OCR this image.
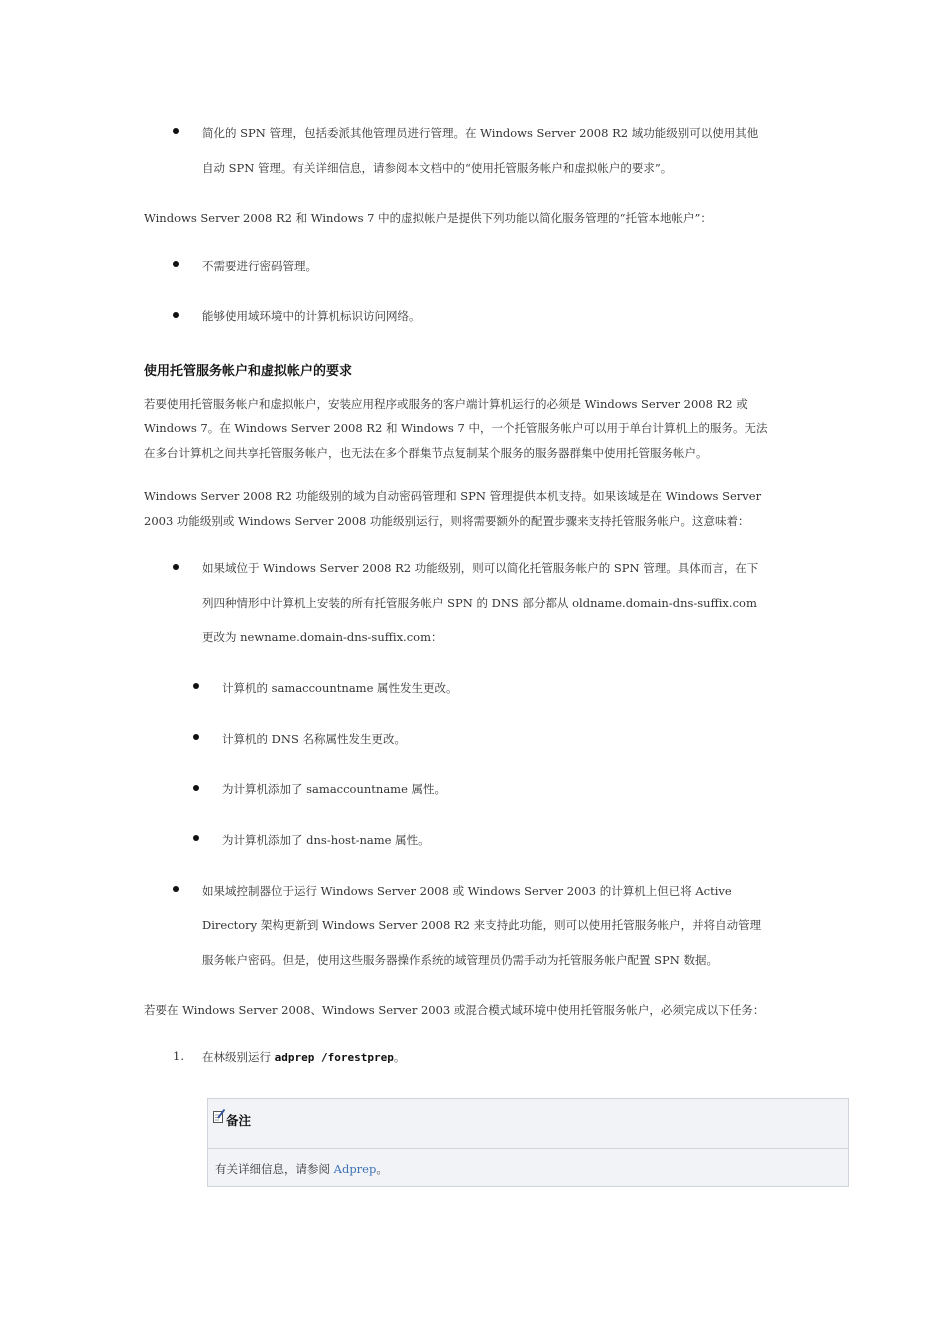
简化的 SPN 管理，包括委派其他管理员进行管理。在 Windows Server 2008 R2 域功能级别可以使用其他
自动 SPN 管理。有关详细信息，请参阅本文档中的“使用托管服务帐户和虚拟帐户的要求”。
Windows Server 2008 R2 和 Windows 7 中的虚拟帐户是提供下列功能以简化服务管理的“托管本地帐户”：
不需要进行密码管理。
能够使用域环境中的计算机标识访问网络。
使用托管服务帐户和虚拟帐户的要求
若要使用托管服务帐户和虚拟帐户，安装应用程序或服务的客户端计算机运行的必须是 Windows Server 2008 R2 或
Windows 7。在 Windows Server 2008 R2 和 Windows 7 中，一个托管服务帐户可以用于单台计算机上的服务。无法
在多台计算机之间共享托管服务帐户，也无法在多个群集节点复制某个服务的服务器群集中使用托管服务帐户。
Windows Server 2008 R2 功能级别的域为自动密码管理和 SPN 管理提供本机支持。如果该域是在 Windows Server
2003 功能级别或 Windows Server 2008 功能级别运行，则将需要额外的配置步骤来支持托管服务帐户。这意味着：
如果域位于 Windows Server 2008 R2 功能级别，则可以简化托管服务帐户的 SPN 管理。具体而言，在下
列四种情形中计算机上安装的所有托管服务帐户 SPN 的 DNS 部分都从 oldname.domain-dns-suffix.com
更改为 newname.domain-dns-suffix.com：
计算机的 samaccountname 属性发生更改。
计算机的 DNS 名称属性发生更改。
为计算机添加了 samaccountname 属性。
为计算机添加了 dns-host-name 属性。
如果域控制器位于运行 Windows Server 2008 或 Windows Server 2003 的计算机上但已将 Active
Directory 架构更新到 Windows Server 2008 R2 来支持此功能，则可以使用托管服务帐户，并将自动管理
服务帐户密码。但是，使用这些服务器操作系统的域管理员仍需手动为托管服务帐户配置 SPN 数据。
若要在 Windows Server 2008、Windows Server 2003 或混合模式域环境中使用托管服务帐户，必须完成以下任务：
1. 在林级别运行 adprep /forestprep。
备注
有关详细信息，请参阅 Adprep。
